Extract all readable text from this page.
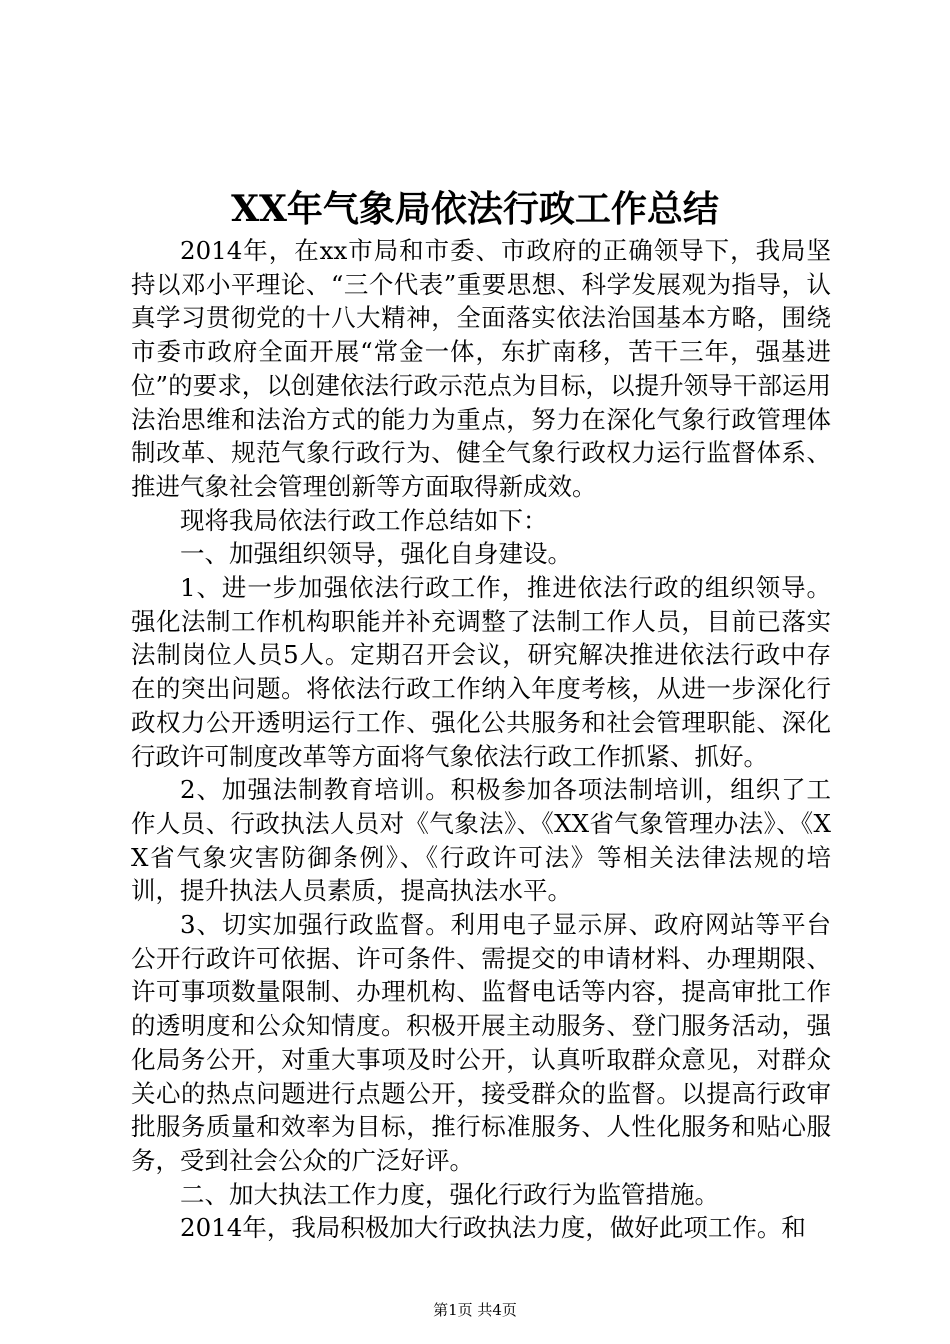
XX年气象局依法行政工作总结

2014年，在xx市局和市委、市政府的正确领导下，我局坚持以邓小平理论、“三个代表”重要思想、科学发展观为指导，认真学习贯彻党的十八大精神，全面落实依法治国基本方略，围绕市委市政府全面开展“常金一体，东扩南移，苦干三年，强基进位”的要求，以创建依法行政示范点为目标，以提升领导干部运用法治思维和法治方式的能力为重点，努力在深化气象行政管理体制改革、规范气象行政行为、健全气象行政权力运行监督体系、推进气象社会管理创新等方面取得新成效。

现将我局依法行政工作总结如下：

一、加强组织领导，强化自身建设。

1、进一步加强依法行政工作，推进依法行政的组织领导。强化法制工作机构职能并补充调整了法制工作人员，目前已落实法制岗位人员5人。定期召开会议，研究解决推进依法行政中存在的突出问题。将依法行政工作纳入年度考核，从进一步深化行政权力公开透明运行工作、强化公共服务和社会管理职能、深化行政许可制度改革等方面将气象依法行政工作抓紧、抓好。

2、加强法制教育培训。积极参加各项法制培训，组织了工作人员、行政执法人员对《气象法》、《XX省气象管理办法》、《XX省气象灾害防御条例》、《行政许可法》等相关法律法规的培训，提升执法人员素质，提高执法水平。

3、切实加强行政监督。利用电子显示屏、政府网站等平台公开行政许可依据、许可条件、需提交的申请材料、办理期限、许可事项数量限制、办理机构、监督电话等内容，提高审批工作的透明度和公众知情度。积极开展主动服务、登门服务活动，强化局务公开，对重大事项及时公开，认真听取群众意见，对群众关心的热点问题进行点题公开，接受群众的监督。以提高行政审批服务质量和效率为目标，推行标准服务、人性化服务和贴心服务，受到社会公众的广泛好评。

二、加大执法工作力度，强化行政行为监管措施。

2014年，我局积极加大行政执法力度，做好此项工作。和

第1页 共4页
